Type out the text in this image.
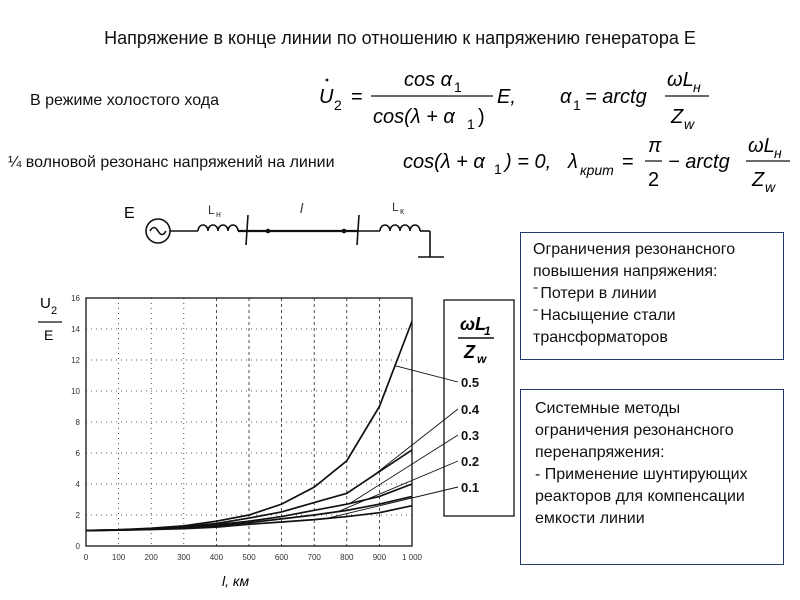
Напряжение в конце линии по отношению к напряжению генератора Е
В режиме холостого хода	U 2 =
cos α 1
cos(λ + α 1 )
E, α 1 = arctg
ωL н
Z w
¼ волновой резонанс напряжений на линии	cos(λ + α 1 ) = 0, λ крит =
π
2
− arctg
ωL н
Z w
E	L н	l	L к
Ограничения резонансного повышения напряжения:
ˉ Потери в линии
ˉ Насыщение стали трансформаторов
Системные методы ограничения резонансного перенапряжения:
- Применение шунтирующих реакторов для компенсации емкости линии
0	100 200 300 400 500 600 700 800 900 1 000
0
2
4
6
8
10
12
14
16
U 2
E
l, км
ωL
1
Z w
0.5
0.4
0.3
0.2
0.1
